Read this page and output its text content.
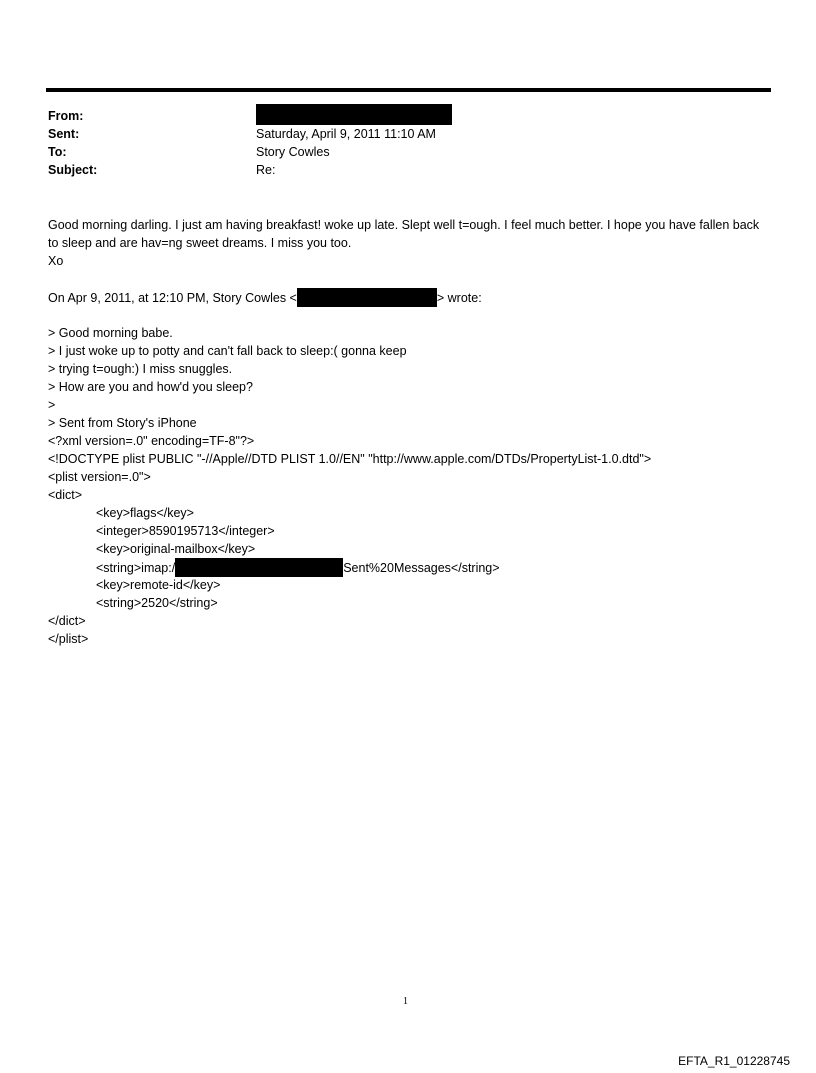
From:
Sent:	Saturday, April 9, 2011 11:10 AM
To:	Story Cowles
Subject:	Re:
Good morning darling. I just am having breakfast! woke up late. Slept well t=ough. I feel much better. I hope you have fallen back to sleep and are hav=ng sweet dreams. I miss you too.
Xo
On Apr 9, 2011, at 12:10 PM, Story Cowles <	> wrote:
> Good morning babe.
> I just woke up to potty and can't fall back to sleep:( gonna keep
> trying t=ough:) I miss snuggles.
> How are you and how'd you sleep?
>
> Sent from Story's iPhone
<?xml version=.0" encoding=TF-8"?>
<!DOCTYPE plist PUBLIC "-//Apple//DTD PLIST 1.0//EN" "http://www.apple.com/DTDs/PropertyList-1.0.dtd">
<plist version=.0">
<dict>
<key>flags</key>
<integer>8590195713</integer>
<key>original-mailbox</key>
<string>imap:/	Sent%20Messages</string>
<key>remote-id</key>
<string>2520</string>
</dict>
</plist>
1
EFTA_R1_01228745
